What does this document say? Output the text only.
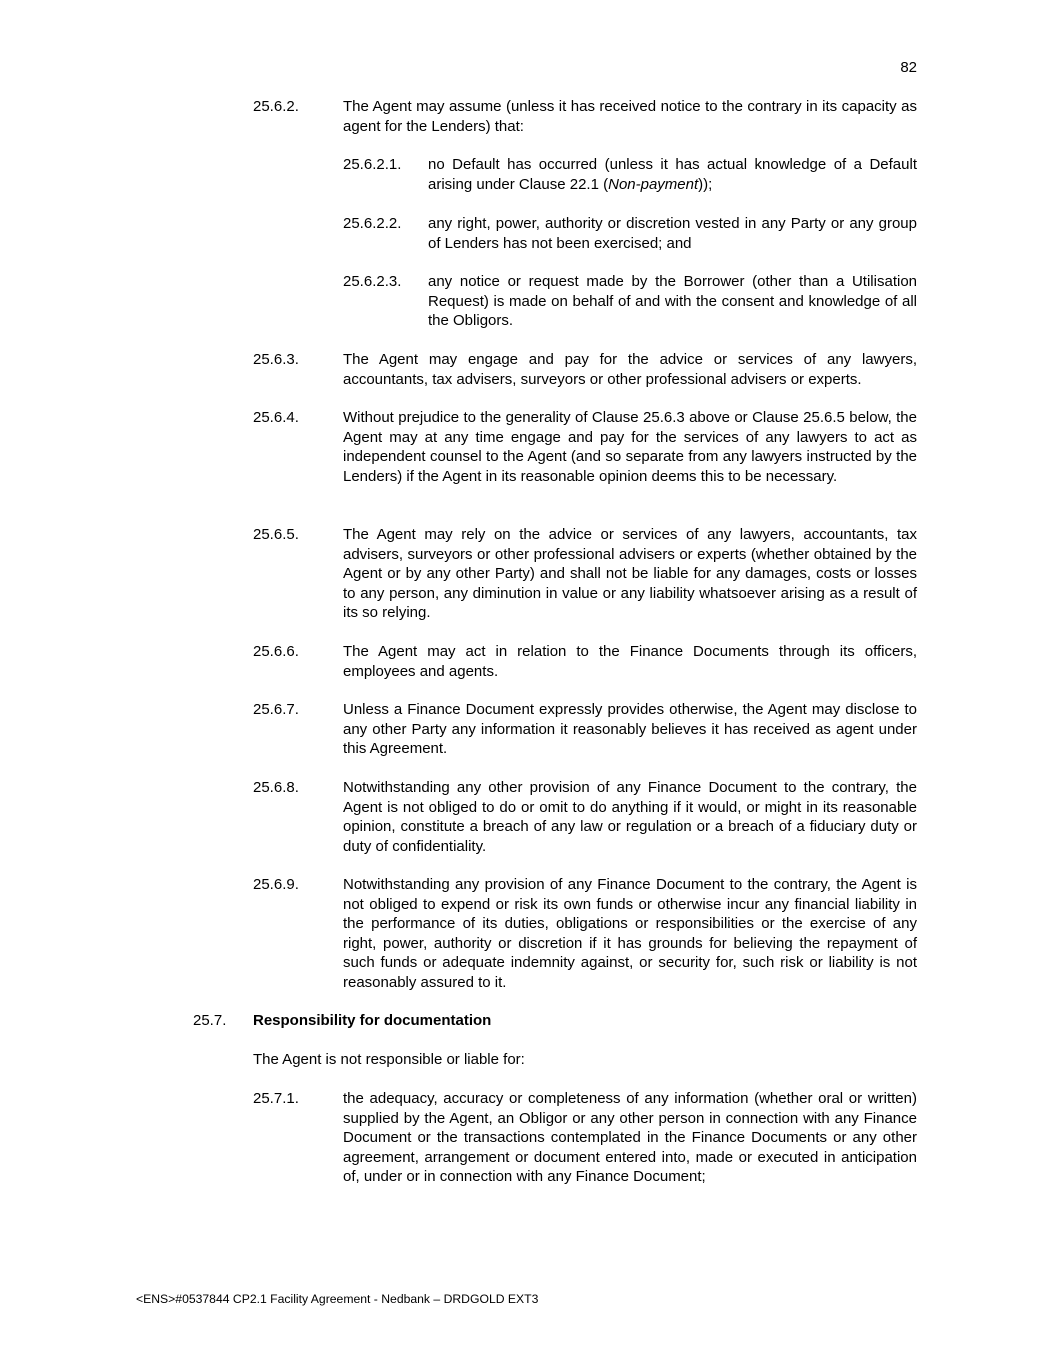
82
25.6.2.	The Agent may assume (unless it has received notice to the contrary in its capacity as agent for the Lenders) that:
25.6.2.1. no Default has occurred (unless it has actual knowledge of a Default arising under Clause 22.1 (Non-payment));
25.6.2.2. any right, power, authority or discretion vested in any Party or any group of Lenders has not been exercised; and
25.6.2.3. any notice or request made by the Borrower (other than a Utilisation Request) is made on behalf of and with the consent and knowledge of all the Obligors.
25.6.3.	The Agent may engage and pay for the advice or services of any lawyers, accountants, tax advisers, surveyors or other professional advisers or experts.
25.6.4.	Without prejudice to the generality of Clause 25.6.3 above or Clause 25.6.5 below, the Agent may at any time engage and pay for the services of any lawyers to act as independent counsel to the Agent (and so separate from any lawyers instructed by the Lenders) if the Agent in its reasonable opinion deems this to be necessary.
25.6.5.	The Agent may rely on the advice or services of any lawyers, accountants, tax advisers, surveyors or other professional advisers or experts (whether obtained by the Agent or by any other Party) and shall not be liable for any damages, costs or losses to any person, any diminution in value or any liability whatsoever arising as a result of its so relying.
25.6.6.	The Agent may act in relation to the Finance Documents through its officers, employees and agents.
25.6.7.	Unless a Finance Document expressly provides otherwise, the Agent may disclose to any other Party any information it reasonably believes it has received as agent under this Agreement.
25.6.8.	Notwithstanding any other provision of any Finance Document to the contrary, the Agent is not obliged to do or omit to do anything if it would, or might in its reasonable opinion, constitute a breach of any law or regulation or a breach of a fiduciary duty or duty of confidentiality.
25.6.9.	Notwithstanding any provision of any Finance Document to the contrary, the Agent is not obliged to expend or risk its own funds or otherwise incur any financial liability in the performance of its duties, obligations or responsibilities or the exercise of any right, power, authority or discretion if it has grounds for believing the repayment of such funds or adequate indemnity against, or security for, such risk or liability is not reasonably assured to it.
25.7. Responsibility for documentation
The Agent is not responsible or liable for:
25.7.1.	the adequacy, accuracy or completeness of any information (whether oral or written) supplied by the Agent, an Obligor or any other person in connection with any Finance Document or the transactions contemplated in the Finance Documents or any other agreement, arrangement or document entered into, made or executed in anticipation of, under or in connection with any Finance Document;
<ENS>#0537844 CP2.1 Facility Agreement - Nedbank – DRDGOLD EXT3
